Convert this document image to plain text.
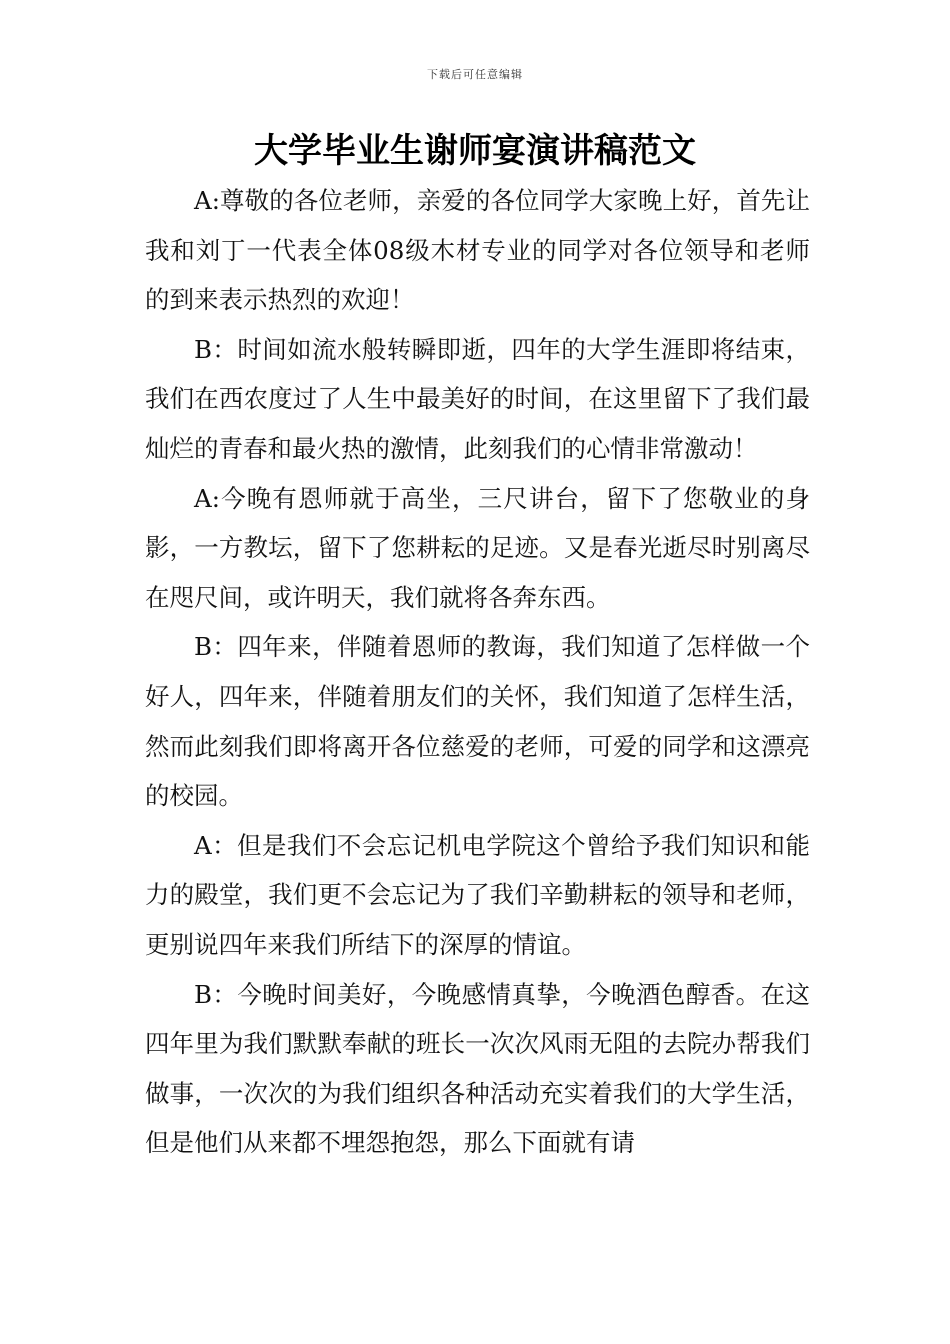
下载后可任意编辑
大学毕业生谢师宴演讲稿范文

A:尊敬的各位老师，亲爱的各位同学大家晚上好，首先让我和刘丁一代表全体08级木材专业的同学对各位领导和老师的到来表示热烈的欢迎！

B：时间如流水般转瞬即逝，四年的大学生涯即将结束，我们在西农度过了人生中最美好的时间，在这里留下了我们最灿烂的青春和最火热的激情，此刻我们的心情非常激动！

A:今晚有恩师就于高坐，三尺讲台，留下了您敬业的身影，一方教坛，留下了您耕耘的足迹。又是春光逝尽时别离尽在咫尺间，或许明天，我们就将各奔东西。

B：四年来，伴随着恩师的教诲，我们知道了怎样做一个好人，四年来，伴随着朋友们的关怀，我们知道了怎样生活，然而此刻我们即将离开各位慈爱的老师，可爱的同学和这漂亮的校园。

A：但是我们不会忘记机电学院这个曾给予我们知识和能力的殿堂，我们更不会忘记为了我们辛勤耕耘的领导和老师，更别说四年来我们所结下的深厚的情谊。

B：今晚时间美好，今晚感情真挚，今晚酒色醇香。在这四年里为我们默默奉献的班长一次次风雨无阻的去院办帮我们做事，一次次的为我们组织各种活动充实着我们的大学生活，但是他们从来都不埋怨抱怨，那么下面就有请
